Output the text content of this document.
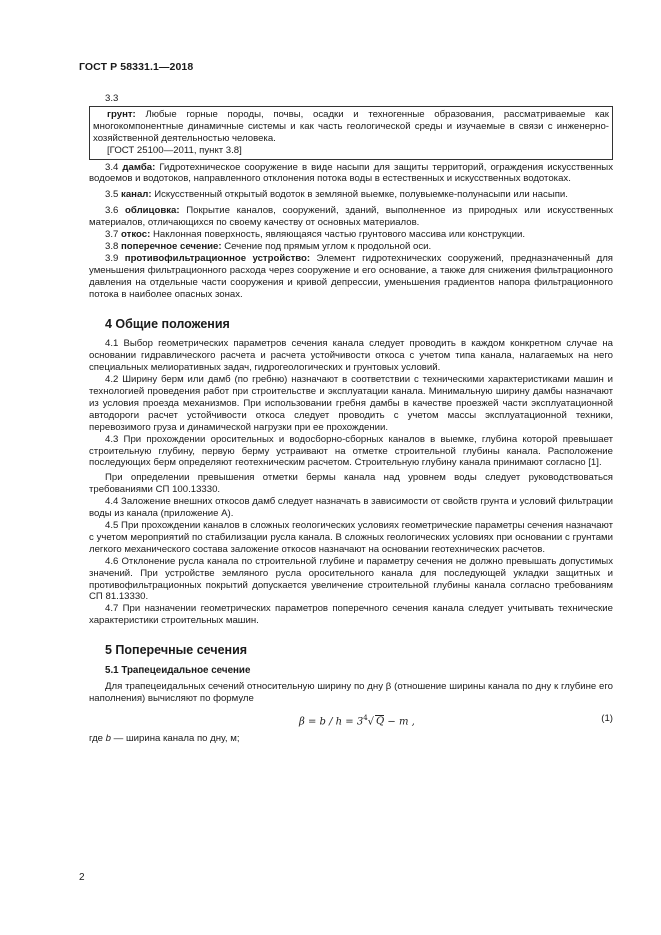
ГОСТ Р 58331.1—2018

3.3

грунт: Любые горные породы, почвы, осадки и техногенные образования, рассматриваемые как многокомпонентные динамичные системы и как часть геологической среды и изучаемые в связи с инженерно-хозяйственной деятельностью человека.

[ГОСТ 25100—2011, пункт 3.8]

3.4 дамба: Гидротехническое сооружение в виде насыпи для защиты территорий, ограждения искусственных водоемов и водотоков, направленного отклонения потока воды в естественных и искусственных водотоках.

3.5 канал: Искусственный открытый водоток в земляной выемке, полувыемке-полунасыпи или насыпи.

3.6 облицовка: Покрытие каналов, сооружений, зданий, выполненное из природных или искусственных материалов, отличающихся по своему качеству от основных материалов.

3.7 откос: Наклонная поверхность, являющаяся частью грунтового массива или конструкции.

3.8 поперечное сечение: Сечение под прямым углом к продольной оси.

3.9 противофильтрационное устройство: Элемент гидротехнических сооружений, предназначенный для уменьшения фильтрационного расхода через сооружение и его основание, а также для снижения фильтрационного давления на отдельные части сооружения и кривой депрессии, уменьшения градиентов напора фильтрационного потока в наиболее опасных зонах.

4 Общие положения

4.1 Выбор геометрических параметров сечения канала следует проводить в каждом конкретном случае на основании гидравлического расчета и расчета устойчивости откоса с учетом типа канала, налагаемых на него специальных мелиоративных задач, гидрогеологических и грунтовых условий.

4.2 Ширину берм или дамб (по гребню) назначают в соответствии с техническими характеристиками машин и технологией проведения работ при строительстве и эксплуатации канала. Минимальную ширину дамбы назначают из условия проезда механизмов. При использовании гребня дамбы в качестве проезжей части эксплуатационной автодороги расчет устойчивости откоса следует проводить с учетом массы эксплуатационной техники, перевозимого груза и динамической нагрузки при ее прохождении.

4.3 При прохождении оросительных и водосборно-сборных каналов в выемке, глубина которой превышает строительную глубину, первую берму устраивают на отметке строительной глубины канала. Расположение последующих берм определяют геотехническим расчетом. Строительную глубину канала принимают согласно [1].

При определении превышения отметки бермы канала над уровнем воды следует руководствоваться требованиями СП 100.13330.

4.4 Заложение внешних откосов дамб следует назначать в зависимости от свойств грунта и условий фильтрации воды из канала (приложение А).

4.5 При прохождении каналов в сложных геологических условиях геометрические параметры сечения назначают с учетом мероприятий по стабилизации русла канала. В сложных геологических условиях при основании с грунтами легкого механического состава заложение откосов назначают на основании геотехнических расчетов.

4.6 Отклонение русла канала по строительной глубине и параметру сечения не должно превышать допустимых значений. При устройстве земляного русла оросительного канала для последующей укладки защитных и противофильтрационных покрытий допускается увеличение строительной глубины канала согласно требованиям СП 81.13330.

4.7 При назначении геометрических параметров поперечного сечения канала следует учитывать технические характеристики строительных машин.

5 Поперечные сечения
5.1 Трапецеидальное сечение

Для трапецеидальных сечений относительную ширину по дну β (отношение ширины канала по дну к глубине его наполнения) вычисляют по формуле

$\beta = b / h = 3^4√$ Q − m ,	(1)

где b — ширина канала по дну, м;

2
